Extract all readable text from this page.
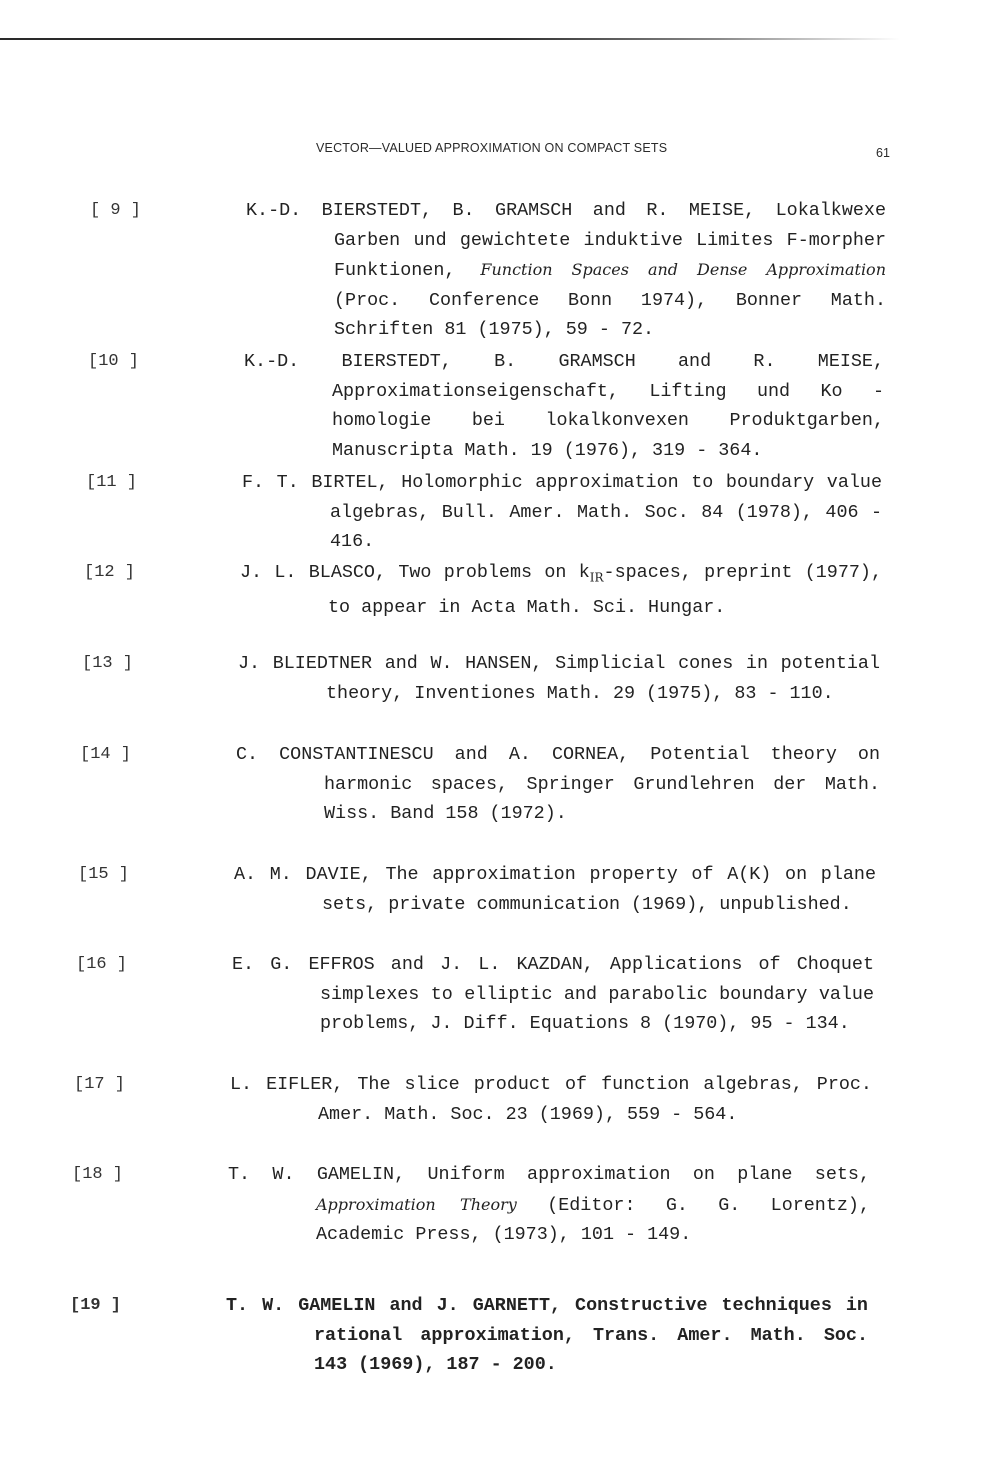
VECTOR—VALUED APPROXIMATION ON COMPACT SETS	61
[ 9 ]	K.-D. BIERSTEDT, B. GRAMSCH and R. MEISE, Lokalkwexe Garben und gewichtete induktive Limites F-morpher Funktionen, Function Spaces and Dense Approximation (Proc. Conference Bonn 1974), Bonner Math. Schriften 81 (1975), 59 - 72.
[10 ]	K.-D. BIERSTEDT, B. GRAMSCH and R. MEISE, Approximationseigenschaft, Lifting und Ko - homologie bei lokalkonvexen Produktgarben, Manuscripta Math. 19 (1976), 319 - 364.
[11 ]	F. T. BIRTEL, Holomorphic approximation to boundary value algebras, Bull. Amer. Math. Soc. 84 (1978), 406 - 416.
[12 ]	J. L. BLASCO, Two problems on $k_{IR}$-spaces, preprint (1977), to appear in Acta Math. Sci. Hungar.
[13 ]	J. BLIEDTNER and W. HANSEN, Simplicial cones in potential theory, Inventiones Math. 29 (1975), 83 - 110.
[14 ]	C. CONSTANTINESCU and A. CORNEA, Potential theory on harmonic spaces, Springer Grundlehren der Math. Wiss. Band 158 (1972).
[15 ]	A. M. DAVIE, The approximation property of A(K) on plane sets, private communication (1969), unpublished.
[16 ]	E. G. EFFROS and J. L. KAZDAN, Applications of Choquet simplexes to elliptic and parabolic boundary value problems, J. Diff. Equations 8 (1970), 95 - 134.
[17 ]	L. EIFLER, The slice product of function algebras, Proc. Amer. Math. Soc. 23 (1969), 559 - 564.
[18 ]	T. W. GAMELIN, Uniform approximation on plane sets, Approximation Theory (Editor: G. G. Lorentz), Academic Press, (1973), 101 - 149.
[19 ]	T. W. GAMELIN and J. GARNETT, Constructive techniques in rational approximation, Trans. Amer. Math. Soc. 143 (1969), 187 - 200.
